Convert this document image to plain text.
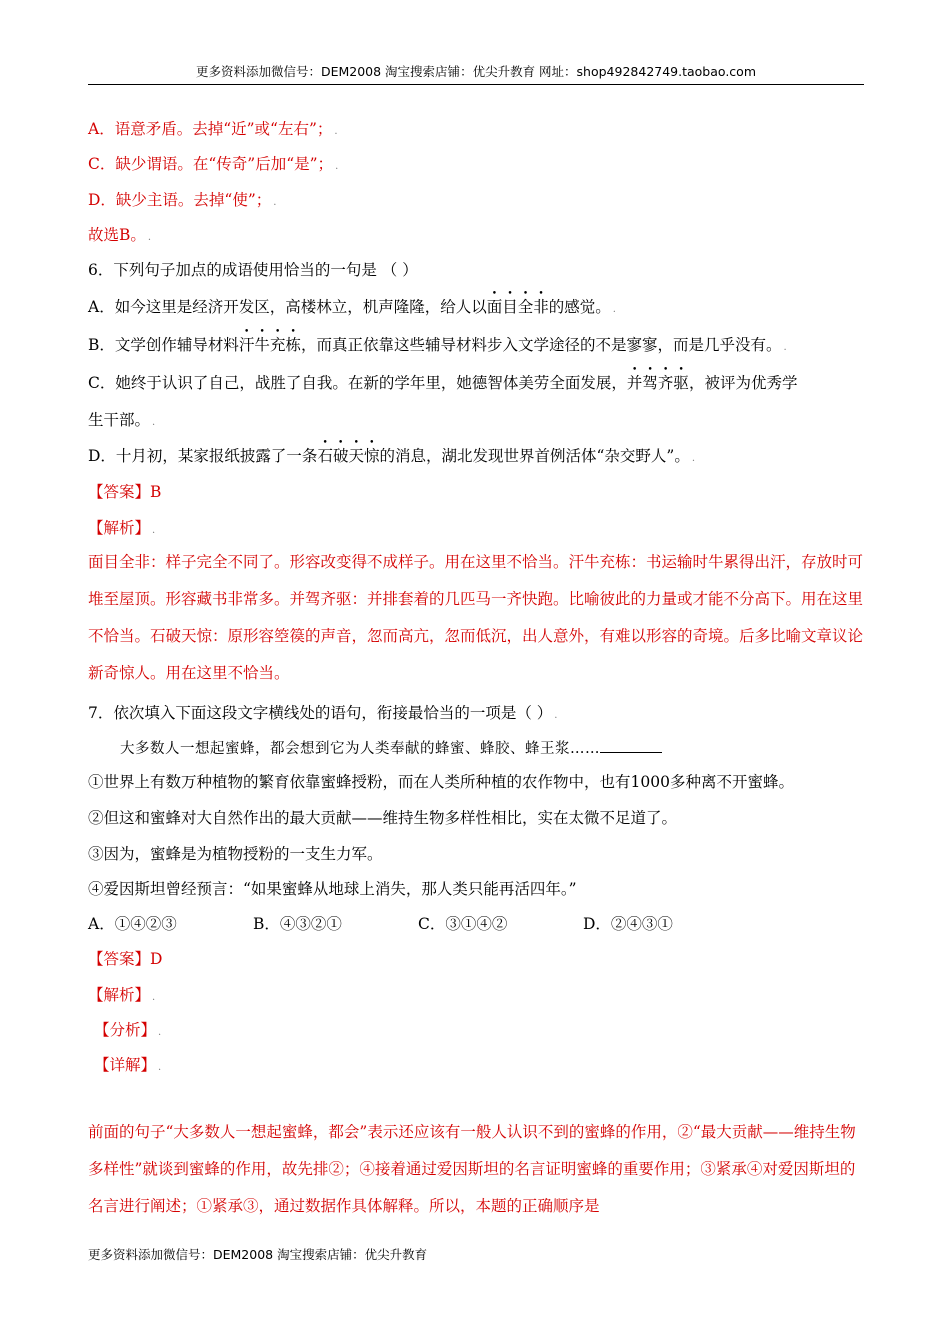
更多资料添加微信号：DEM2008 淘宝搜索店铺：优尖升教育 网址：shop492842749.taobao.com
A．语意矛盾。去掉“近”或“左右”； .
C．缺少谓语。在“传奇”后加“是”； .
D．缺少主语。去掉“使”； .
故选B。 .
6．下列句子加点的成语使用恰当的一句是 （ ）
A．如今这里是经济开发区，高楼林立，机声隆隆，给人以面目全非的感觉。 .
B．文学创作辅导材料汗牛充栋，而真正依靠这些辅导材料步入文学途径的不是寥寥，而是几乎没有。 .
C．她终于认识了自己，战胜了自我。在新的学年里，她德智体美劳全面发展，并驾齐驱，被评为优秀学
生干部。 .
D．十月初，某家报纸披露了一条石破天惊的消息，湖北发现世界首例活体“杂交野人”。 .
【答案】B
【解析】 .
面目全非：样子完全不同了。形容改变得不成样子。用在这里不恰当。汗牛充栋：书运输时牛累得出汗，存放时可堆至屋顶。形容藏书非常多。并驾齐驱：并排套着的几匹马一齐快跑。比喻彼此的力量或才能不分高下。用在这里不恰当。石破天惊：原形容箜篌的声音，忽而高亢，忽而低沉，出人意外，有难以形容的奇境。后多比喻文章议论新奇惊人。用在这里不恰当。
7．依次填入下面这段文字横线处的语句，衔接最恰当的一项是（ ） .
大多数人一想起蜜蜂，都会想到它为人类奉献的蜂蜜、蜂胶、蜂王浆……
①世界上有数万种植物的繁育依靠蜜蜂授粉，而在人类所种植的农作物中，也有1000多种离不开蜜蜂。
②但这和蜜蜂对大自然作出的最大贡献——维持生物多样性相比，实在太微不足道了。
③因为，蜜蜂是为植物授粉的一支生力军。
④爱因斯坦曾经预言：“如果蜜蜂从地球上消失，那人类只能再活四年。”
A．①④②③	B．④③②①	C．③①④②	D．②④③①
【答案】D
【解析】 .
【分析】 .
【详解】 .
前面的句子“大多数人一想起蜜蜂，都会”表示还应该有一般人认识不到的蜜蜂的作用，②“最大贡献——维持生物多样性”就谈到蜜蜂的作用，故先排②；④接着通过爱因斯坦的名言证明蜜蜂的重要作用；③紧承④对爱因斯坦的名言进行阐述；①紧承③，通过数据作具体解释。所以，本题的正确顺序是
更多资料添加微信号：DEM2008 淘宝搜索店铺：优尖升教育
